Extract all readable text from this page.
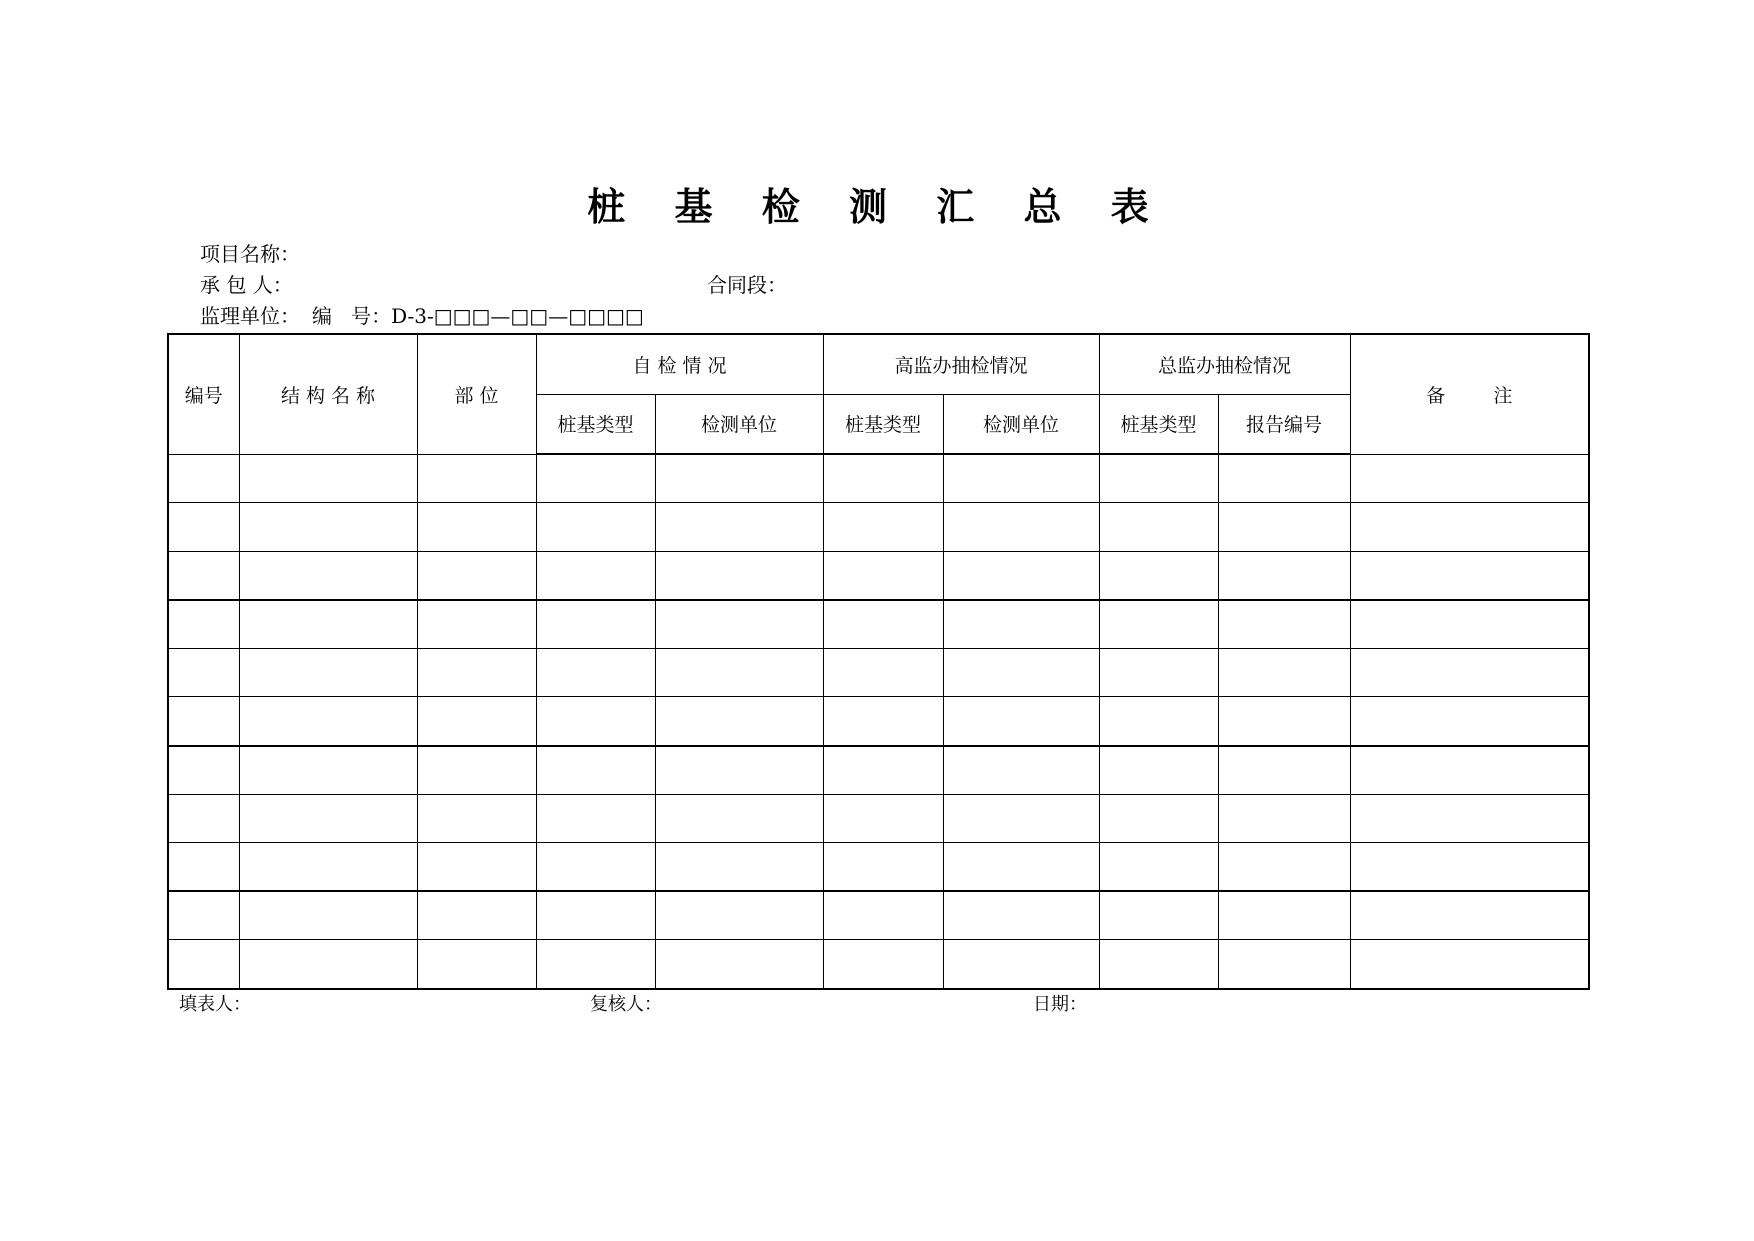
桩 基 检 测 汇 总 表
项目名称：
承 包 人：	合同段：
监理单位： 编   号：D-3-□□□—□□—□□□□
编号	结 构 名 称	部 位	自 检 情 况		高监办抽检情况		总监办抽检情况		备        注
			桩基类型	检测单位	桩基类型	检测单位	桩基类型	报告编号	

填表人：	复核人：	日期：
